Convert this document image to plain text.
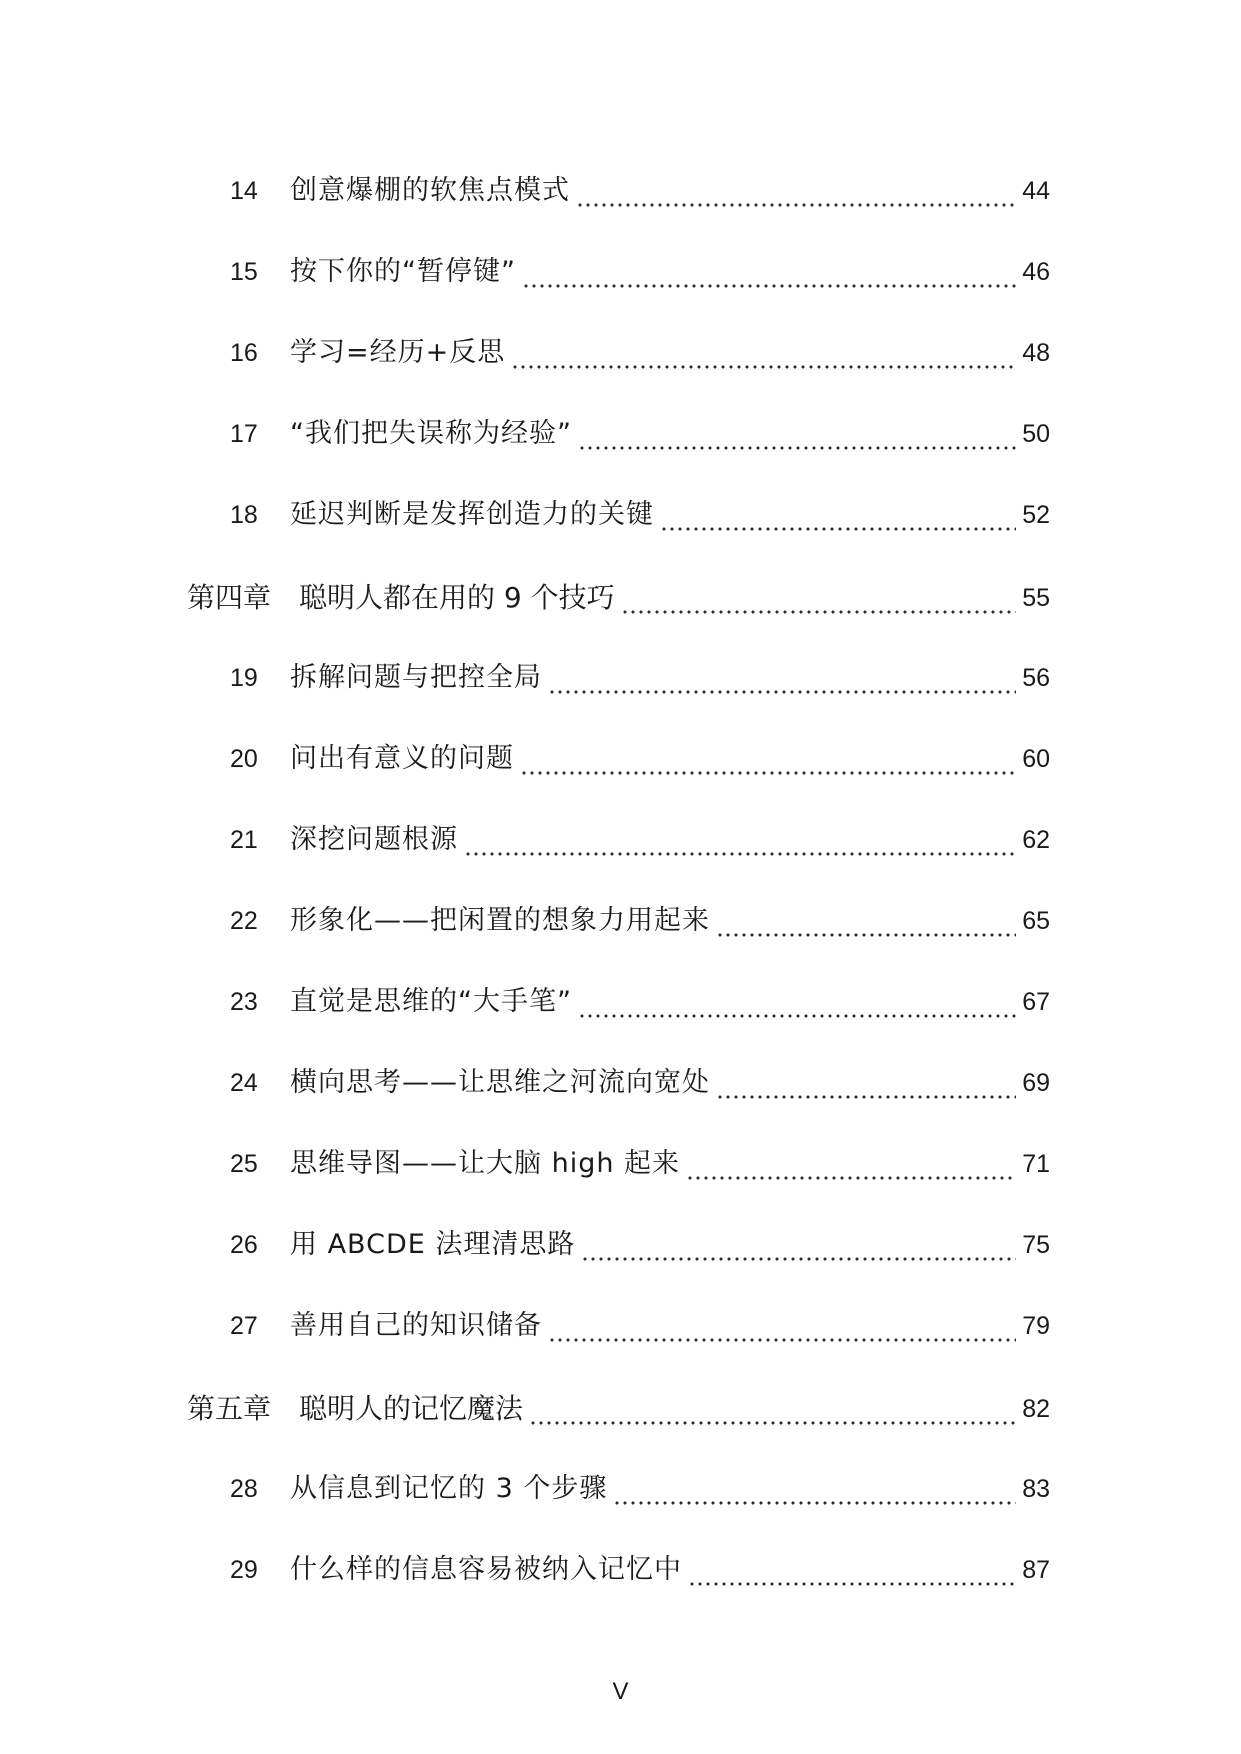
14 创意爆棚的软焦点模式	44
15 按下你的“暂停键”	46
16 学习=经历+反思	48
17 “我们把失误称为经验”	50
18 延迟判断是发挥创造力的关键	52
第四章 聪明人都在用的 9 个技巧	55
19 拆解问题与把控全局	56
20 问出有意义的问题	60
21 深挖问题根源	62
22 形象化——把闲置的想象力用起来	65
23 直觉是思维的“大手笔”	67
24 横向思考——让思维之河流向宽处	69
25 思维导图——让大脑 high 起来	71
26 用 ABCDE 法理清思路	75
27 善用自己的知识储备	79
第五章 聪明人的记忆魔法	82
28 从信息到记忆的 3 个步骤	83
29 什么样的信息容易被纳入记忆中	87
V
